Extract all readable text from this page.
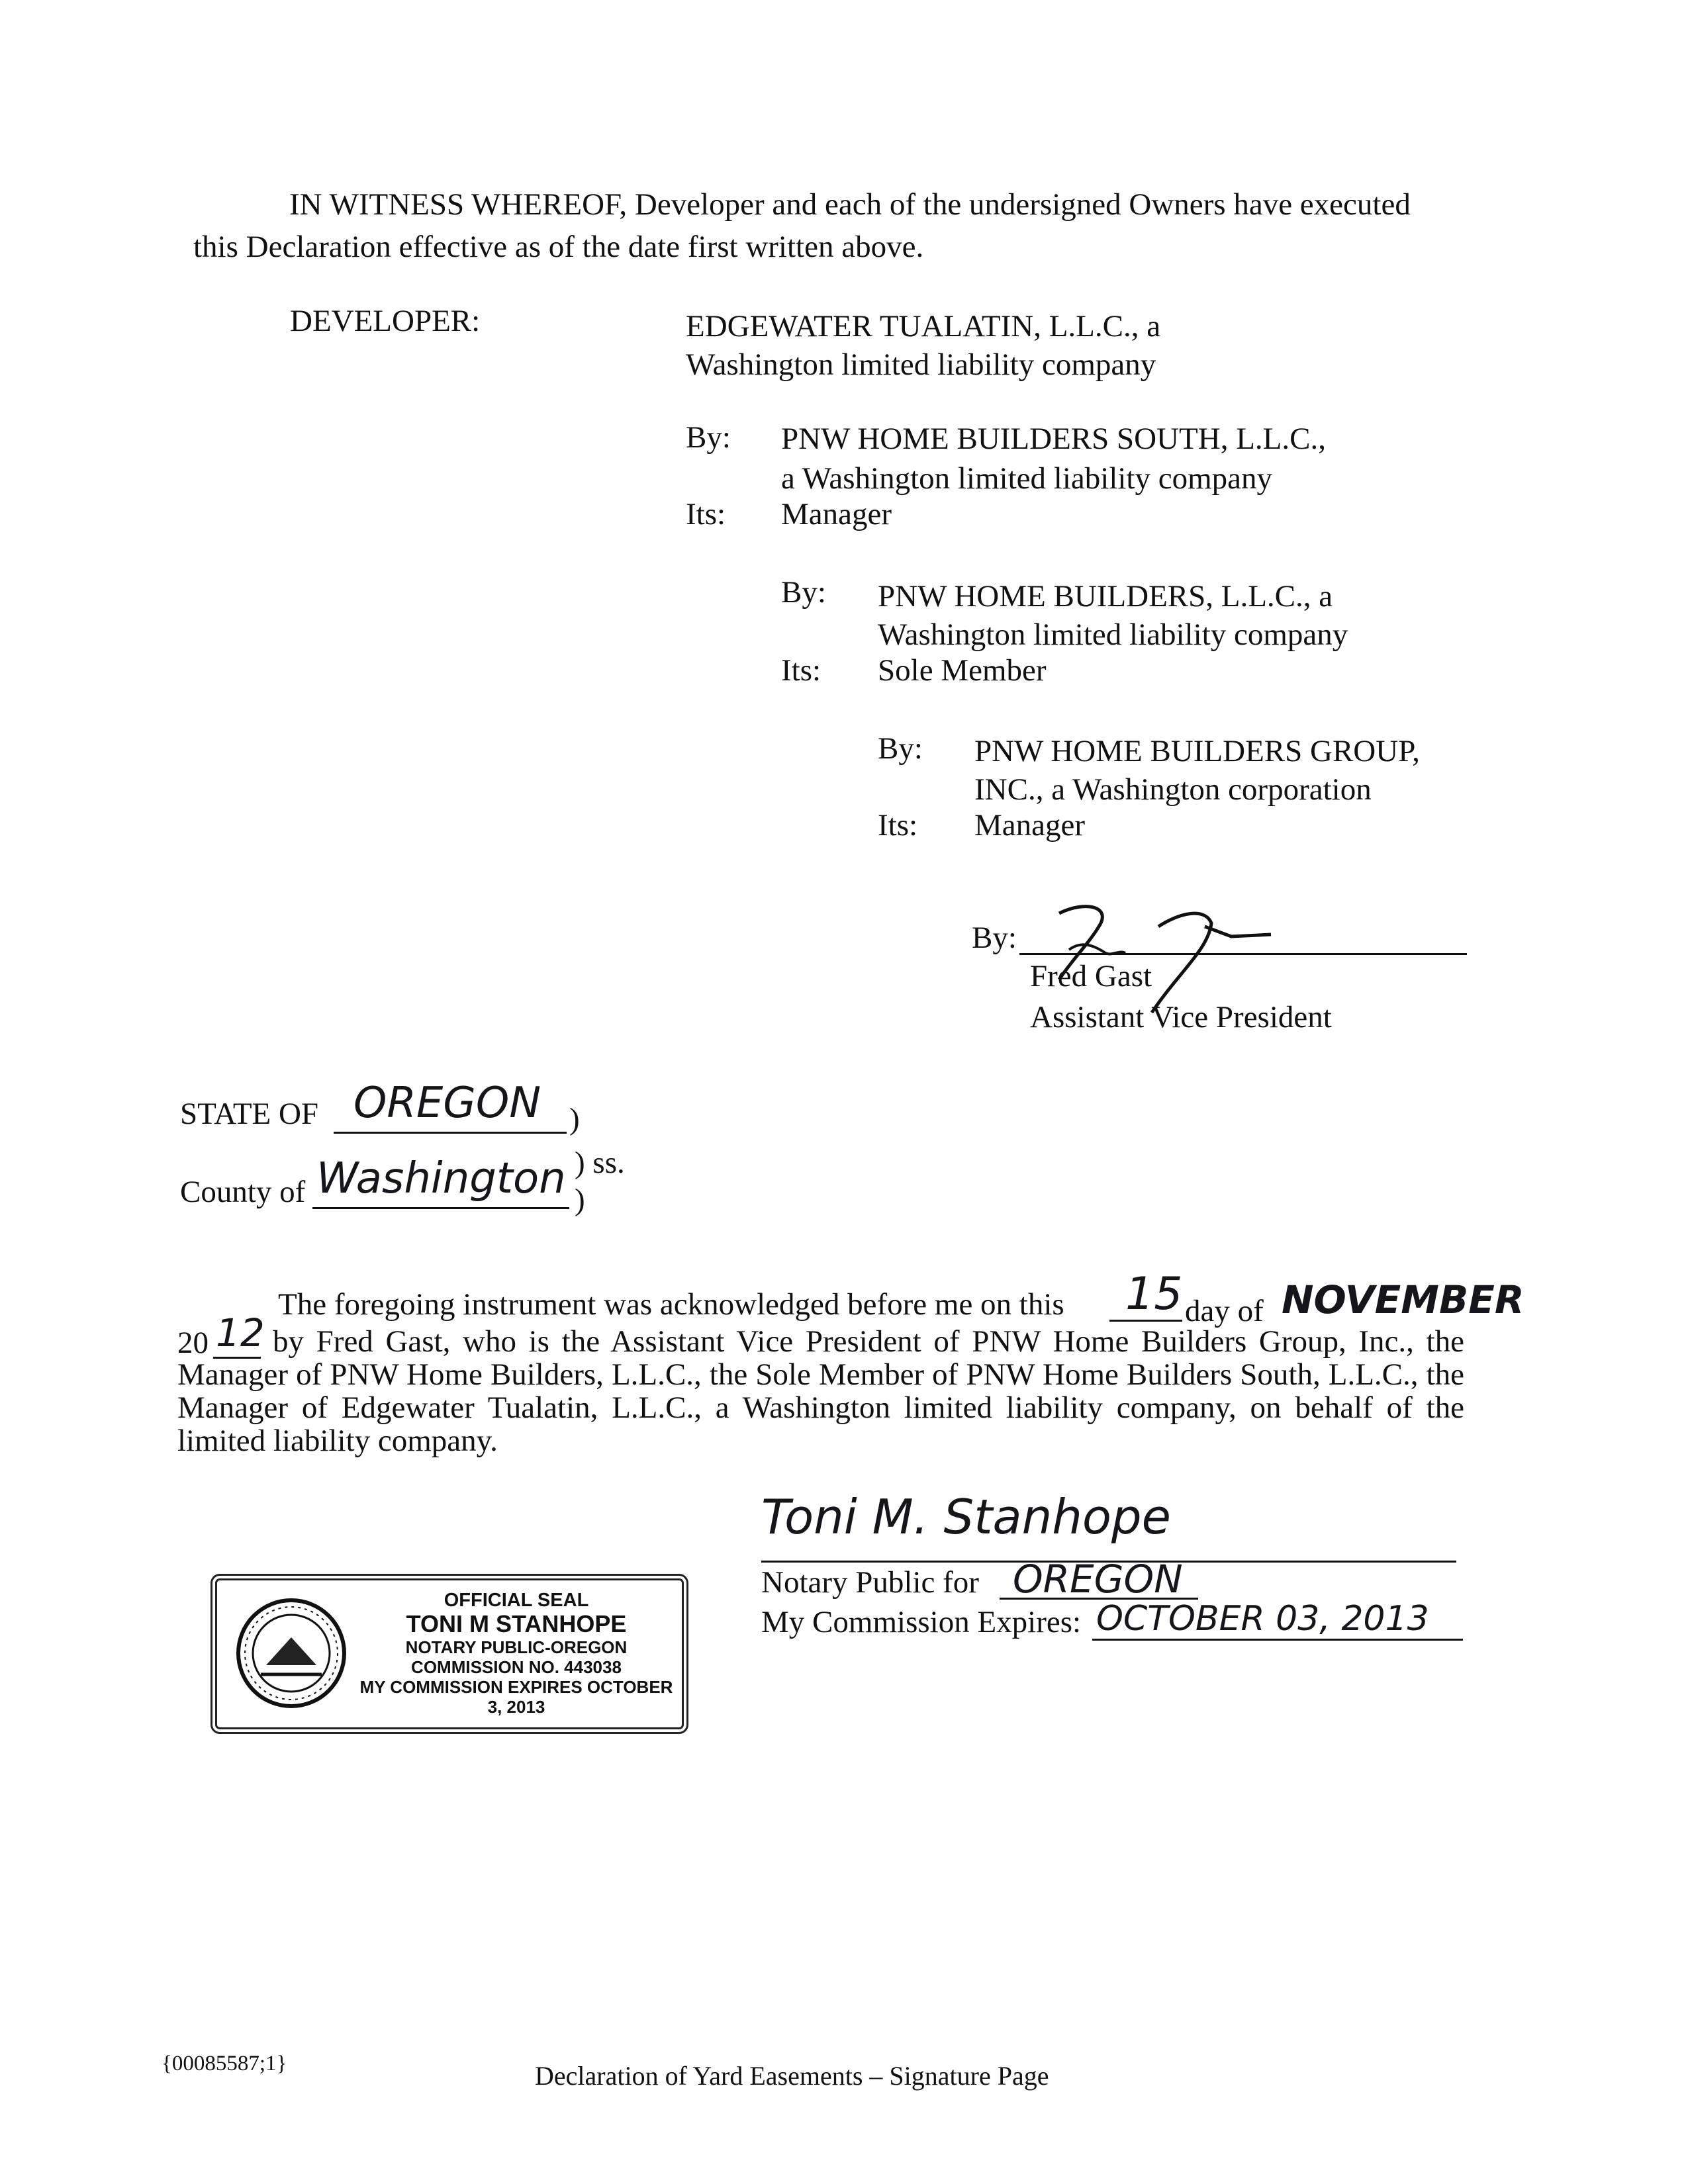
IN WITNESS WHEREOF, Developer and each of the undersigned Owners have executed
this Declaration effective as of the date first written above.
DEVELOPER:	EDGEWATER TUALATIN, L.L.C., a
Washington limited liability company
By: PNW HOME BUILDERS SOUTH, L.L.C.,
a Washington limited liability company
Its: Manager
By: PNW HOME BUILDERS, L.L.C., a
Washington limited liability company
Its: Sole Member
By: PNW HOME BUILDERS GROUP,
INC., a Washington corporation
Its: Manager
By:
Fred Gast
Assistant Vice President
STATE OF OREGON )
County of Washington )
) ss.
The foregoing instrument was acknowledged before me on this 15 day of NOVEMBER
20 12 by Fred Gast, who is the Assistant Vice President of PNW Home Builders Group, Inc., the Manager of PNW Home Builders, L.L.C., the Sole Member of PNW Home Builders South, L.L.C., the Manager of Edgewater Tualatin, L.L.C., a Washington limited liability company, on behalf of the limited liability company.
OFFICIAL SEAL
TONI M STANHOPE
NOTARY PUBLIC-OREGON
COMMISSION NO. 443038
MY COMMISSION EXPIRES OCTOBER 3, 2013
Toni M. Stanhope
Notary Public for OREGON
My Commission Expires: OCTOBER 03, 2013
{00085587;1}	Declaration of Yard Easements – Signature Page
